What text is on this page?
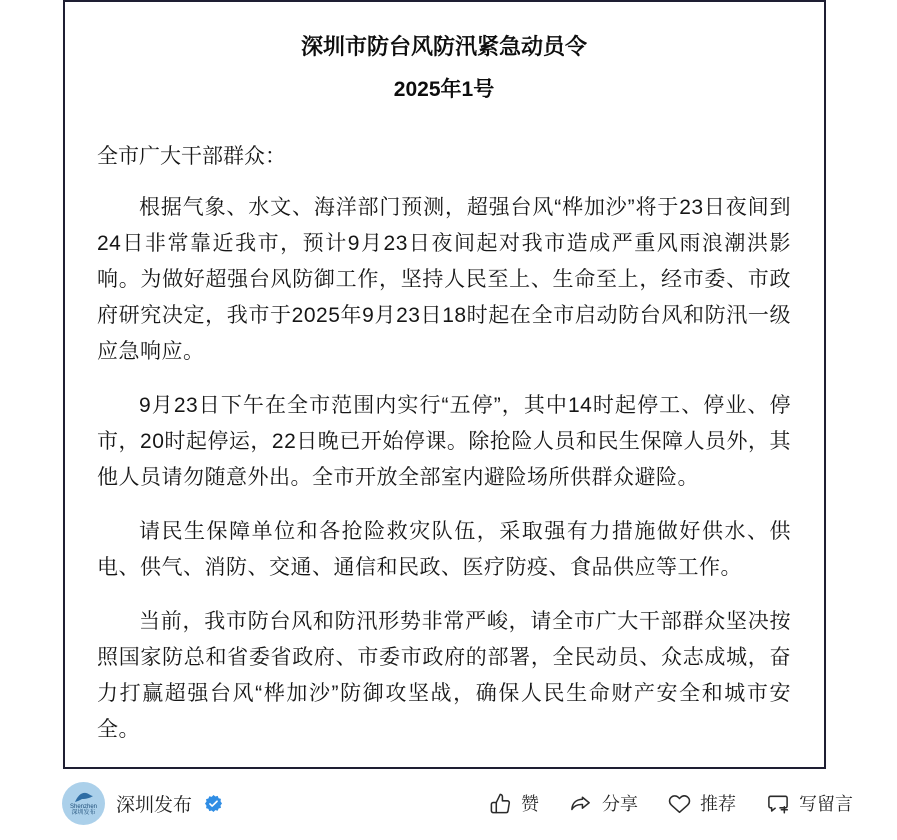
深圳市防台风防汛紧急动员令
2025年1号

全市广大干部群众：

根据气象、水文、海洋部门预测，超强台风“桦加沙”将于23日夜间到24日非常靠近我市，预计9月23日夜间起对我市造成严重风雨浪潮洪影响。为做好超强台风防御工作，坚持人民至上、生命至上，经市委、市政府研究决定，我市于2025年9月23日18时起在全市启动防台风和防汛一级应急响应。

9月23日下午在全市范围内实行“五停”，其中14时起停工、停业、停市，20时起停运，22日晚已开始停课。除抢险人员和民生保障人员外，其他人员请勿随意外出。全市开放全部室内避险场所供群众避险。

请民生保障单位和各抢险救灾队伍，采取强有力措施做好供水、供电、供气、消防、交通、通信和民政、医疗防疫、食品供应等工作。

当前，我市防台风和防汛形势非常严峻，请全市广大干部群众坚决按照国家防总和省委省政府、市委市政府的部署，全民动员、众志成城，奋力打赢超强台风“桦加沙”防御攻坚战，确保人民生命财产安全和城市安全。

Shenzhen
深圳发布 深圳发布	赞	分享	推荐	写留言
